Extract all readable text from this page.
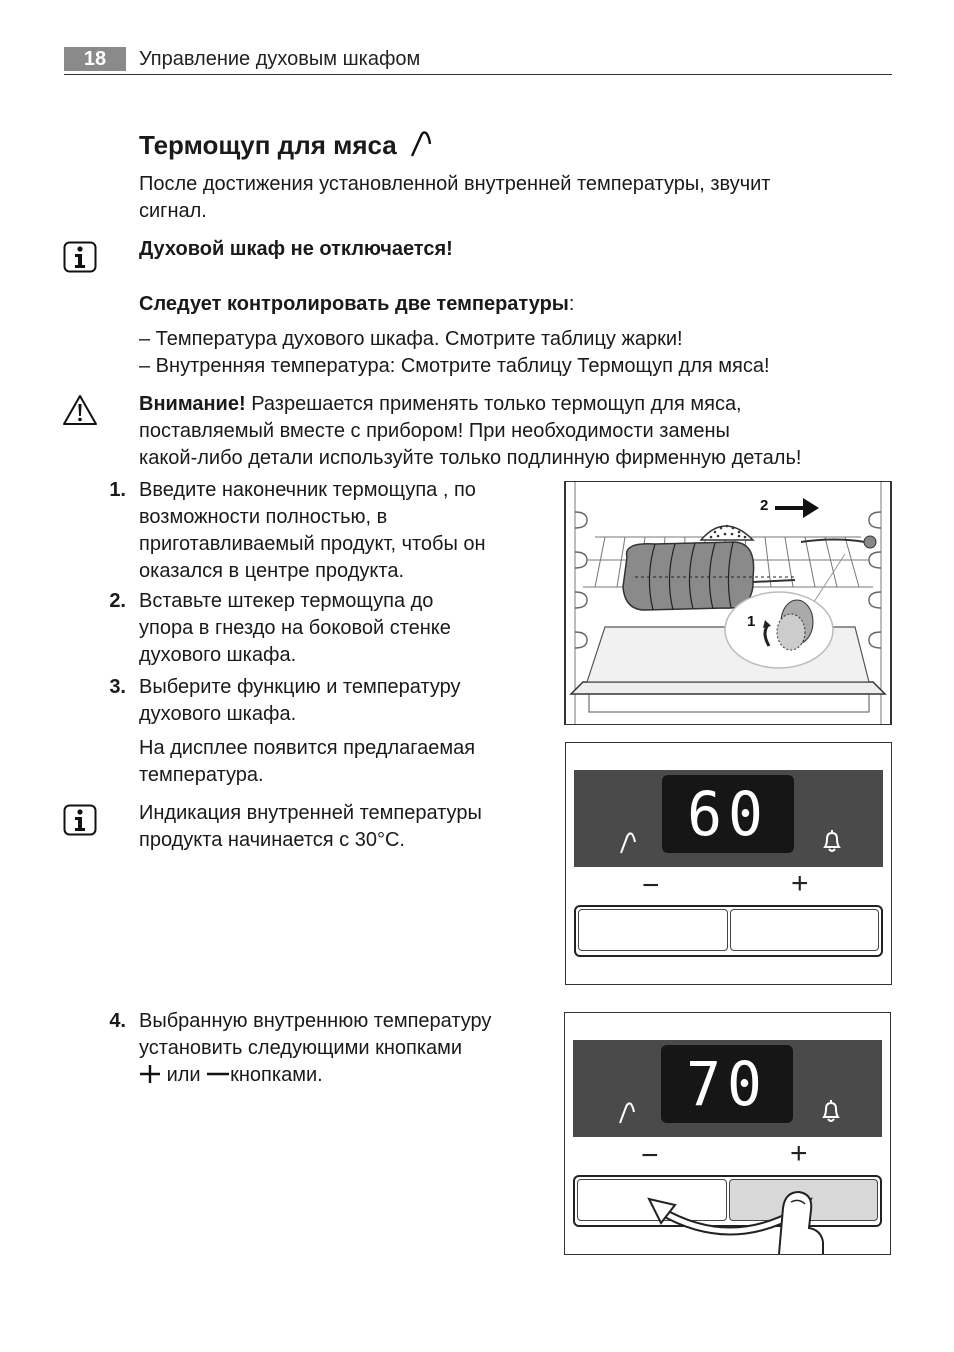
18	Управление духовым шкафом
Термощуп для мяса
После достижения установленной внутренней температуры, звучит
сигнал.
Духовой шкаф не отключается!
Следует контролировать две температуры:
– Температура духового шкафа. Смотрите таблицу жарки!
– Внутренняя температура: Смотрите таблицу Термощуп для мяса!
Внимание! Разрешается применять только термощуп для мяса,
поставляемый вместе с прибором! При необходимости замены
какой-либо детали используйте только подлинную фирменную деталь!
1. Введите наконечник термощупа , по
возможности полностью, в
приготавливаемый продукт, чтобы он
оказался в центре продукта.
2. Вставьте штекер термощупа до
упора в гнездо на боковой стенке
духового шкафа.
3. Выберите функцию и температуру
духового шкафа.
На дисплее появится предлагаемая
температура.
Индикация внутренней температуры
продукта начинается с 30°C.
4. Выбранную внутреннюю температуру
установить следующими кнопками
или кнопками.
1
2
60
−	+
70
−	+
